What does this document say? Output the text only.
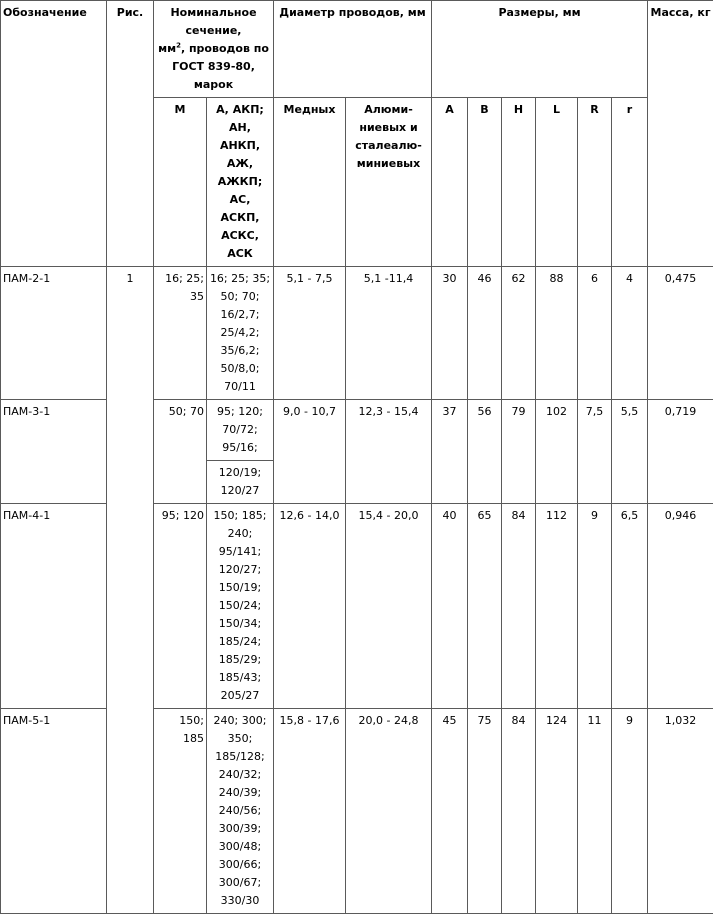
Обозначение	Рис.	Номинальное сечение,
$мм^2$, проводов по ГОСТ 839-80, марок		Диаметр проводов, мм		Размеры, мм						Масса, кг
		М	А, АКП; АН, АНКП, АЖ, АЖКП; АС, АСКП, АСКС, АСК	Медных	Алюми-ниевых и сталеалю-миниевых	A	B	H	L	R	r	
ПАМ-2-1	1	16; 25; 35	16; 25; 35; 50; 70; 16/2,7; 25/4,2; 35/6,2; 50/8,0; 70/11	5,1 - 7,5	5,1 -11,4	30	46	62	88	6	4	0,475
ПАМ-3-1		50; 70	95; 120; 70/72; 95/16;	9,0 - 10,7	12,3 - 15,4	37	56	79	102	7,5	5,5	0,719
			120/19; 120/27									
ПАМ-4-1		95; 120	150; 185; 240; 95/141; 120/27; 150/19; 150/24; 150/34; 185/24; 185/29; 185/43; 205/27	12,6 - 14,0	15,4 - 20,0	40	65	84	112	9	6,5	0,946
ПАМ-5-1		150; 185	240; 300; 350; 185/128; 240/32; 240/39; 240/56; 300/39; 300/48; 300/66; 300/67; 330/30	15,8 - 17,6	20,0 - 24,8	45	75	84	124	11	9	1,032
